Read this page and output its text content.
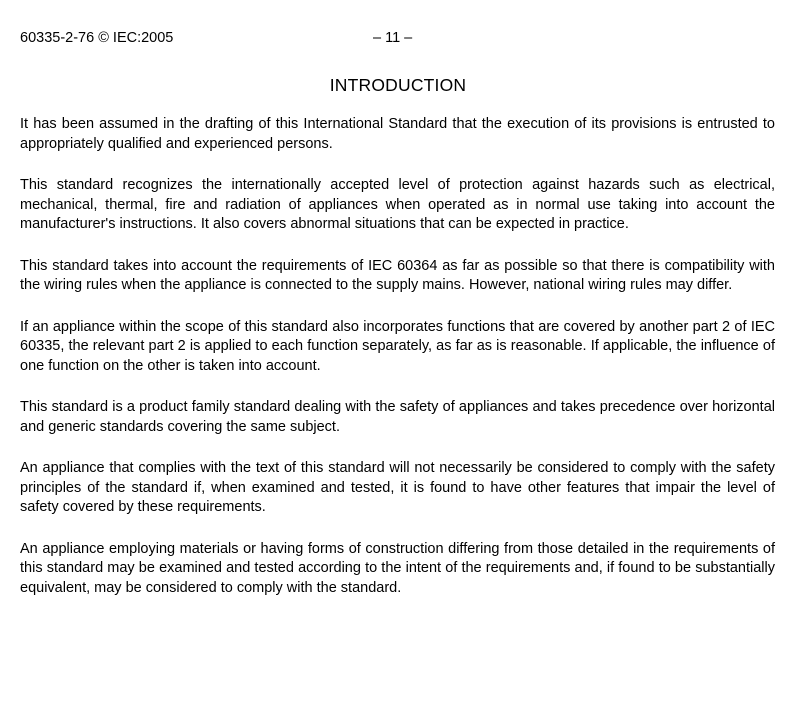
60335-2-76 © IEC:2005	– 11 –
INTRODUCTION

It has been assumed in the drafting of this International Standard that the execution of its provisions is entrusted to appropriately qualified and experienced persons.

This standard recognizes the internationally accepted level of protection against hazards such as electrical, mechanical, thermal, fire and radiation of appliances when operated as in normal use taking into account the manufacturer's instructions. It also covers abnormal situations that can be expected in practice.

This standard takes into account the requirements of IEC 60364 as far as possible so that there is compatibility with the wiring rules when the appliance is connected to the supply mains. However, national wiring rules may differ.

If an appliance within the scope of this standard also incorporates functions that are covered by another part 2 of IEC 60335, the relevant part 2 is applied to each function separately, as far as is reasonable. If applicable, the influence of one function on the other is taken into account.

This standard is a product family standard dealing with the safety of appliances and takes precedence over horizontal and generic standards covering the same subject.

An appliance that complies with the text of this standard will not necessarily be considered to comply with the safety principles of the standard if, when examined and tested, it is found to have other features that impair the level of safety covered by these requirements.

An appliance employing materials or having forms of construction differing from those detailed in the requirements of this standard may be examined and tested according to the intent of the requirements and, if found to be substantially equivalent, may be considered to comply with the standard.
